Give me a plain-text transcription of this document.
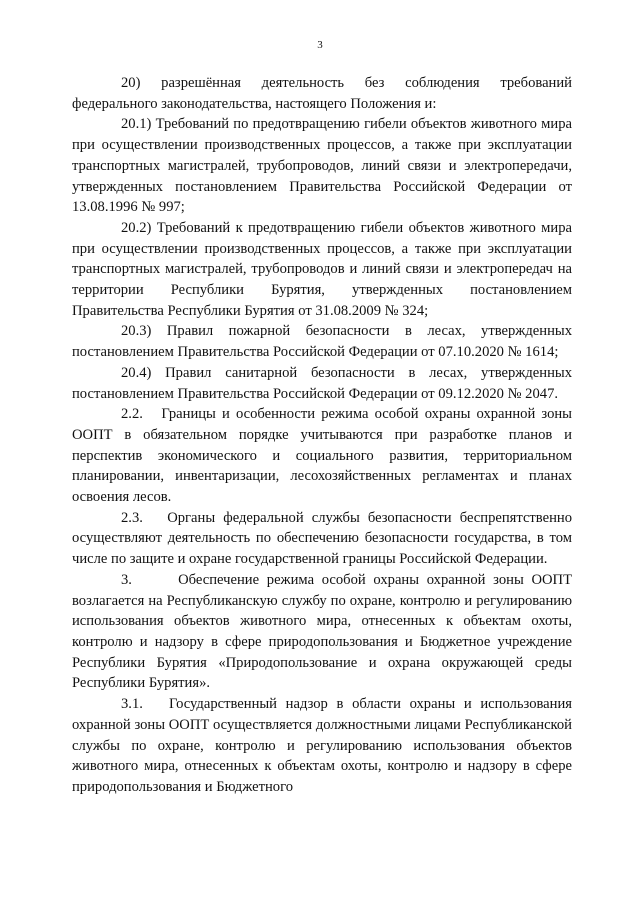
3

20)  разрешённая  деятельность  без  соблюдения  требований федерального законодательства, настоящего Положения и:

20.1) Требований по предотвращению гибели объектов животного мира при осуществлении производственных процессов, а также при эксплуатации транспортных магистралей, трубопроводов, линий связи и электропередачи, утвержденных постановлением Правительства Российской Федерации от 13.08.1996 № 997;

20.2) Требований к предотвращению гибели объектов животного мира при осуществлении производственных процессов, а также при эксплуатации транспортных магистралей, трубопроводов и линий связи и электропередач на территории Республики Бурятия, утвержденных постановлением Правительства Республики Бурятия от 31.08.2009 № 324;

20.3) Правил пожарной безопасности в лесах, утвержденных постановлением Правительства Российской Федерации от 07.10.2020 № 1614;

20.4) Правил санитарной безопасности в лесах, утвержденных постановлением Правительства Российской Федерации от 09.12.2020 № 2047.

2.2.   Границы и особенности режима особой охраны охранной зоны ООПТ в обязательном порядке учитываются при разработке планов и перспектив экономического и социального развития, территориальном планировании, инвентаризации, лесохозяйственных регламентах и планах освоения лесов.

2.3.   Органы федеральной службы безопасности беспрепятственно осуществляют деятельность по обеспечению безопасности государства, в том числе по защите и охране государственной границы Российской Федерации.

3.      Обеспечение режима особой охраны охранной зоны ООПТ возлагается на Республиканскую службу по охране, контролю и регулированию использования объектов животного мира, отнесенных к объектам охоты, контролю и надзору в сфере природопользования и Бюджетное учреждение Республики Бурятия «Природопользование и охрана окружающей среды Республики Бурятия».

3.1.   Государственный надзор в области охраны и использования охранной зоны ООПТ осуществляется должностными лицами Республиканской службы по охране, контролю и регулированию использования объектов животного мира, отнесенных к объектам охоты, контролю и надзору в сфере природопользования и Бюджетного
